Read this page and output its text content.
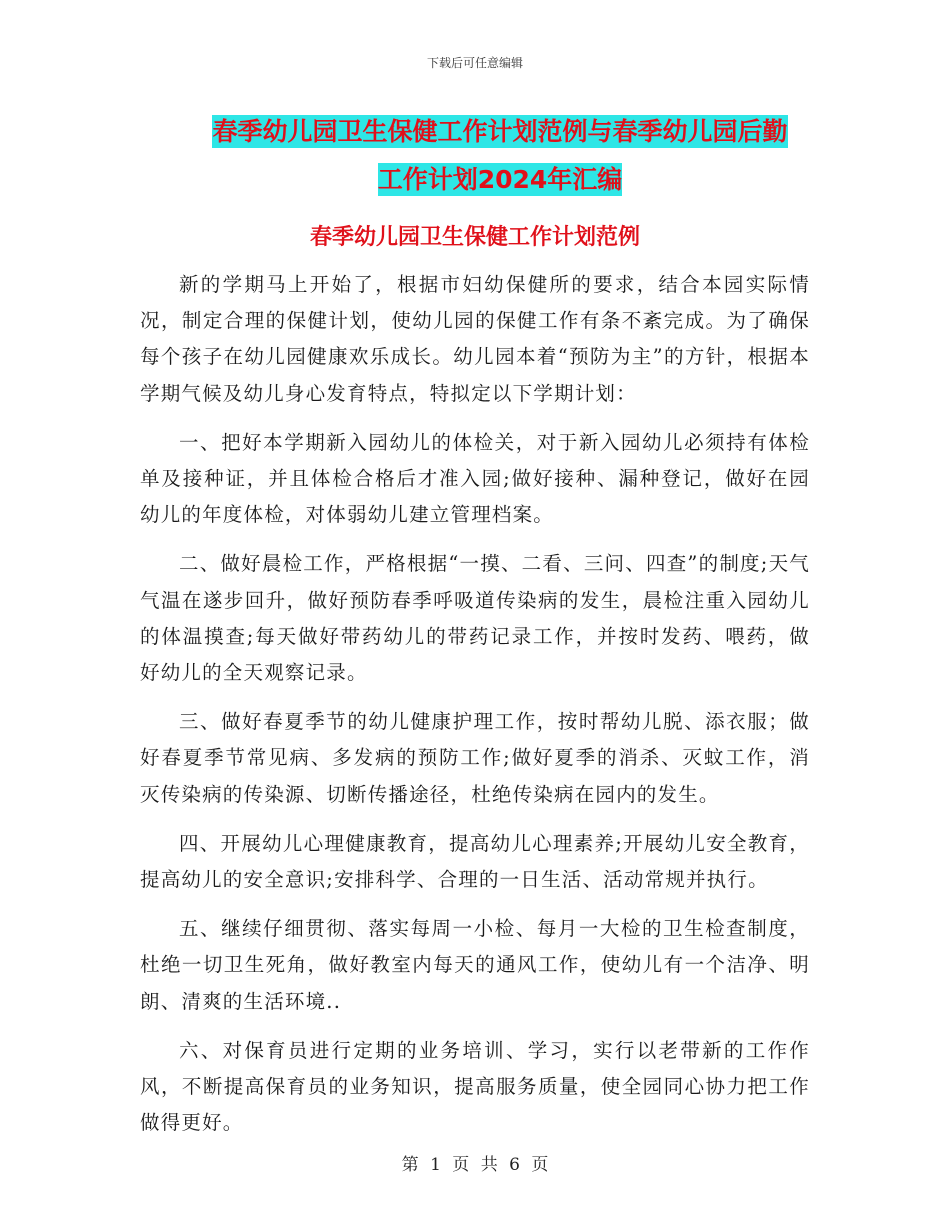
下载后可任意编辑
春季幼儿园卫生保健工作计划范例与春季幼儿园后勤
工作计划2024年汇编
春季幼儿园卫生保健工作计划范例

新的学期马上开始了，根据市妇幼保健所的要求，结合本园实际情况，制定合理的保健计划，使幼儿园的保健工作有条不紊完成。为了确保每个孩子在幼儿园健康欢乐成长。幼儿园本着“预防为主”的方针，根据本学期气候及幼儿身心发育特点，特拟定以下学期计划：

一、把好本学期新入园幼儿的体检关，对于新入园幼儿必须持有体检单及接种证，并且体检合格后才准入园;做好接种、漏种登记，做好在园幼儿的年度体检，对体弱幼儿建立管理档案。

二、做好晨检工作，严格根据“一摸、二看、三问、四查”的制度;天气气温在遂步回升，做好预防春季呼吸道传染病的发生，晨检注重入园幼儿的体温摸查;每天做好带药幼儿的带药记录工作，并按时发药、喂药，做好幼儿的全天观察记录。

三、做好春夏季节的幼儿健康护理工作，按时帮幼儿脱、添衣服；做好春夏季节常见病、多发病的预防工作;做好夏季的消杀、灭蚊工作，消灭传染病的传染源、切断传播途径，杜绝传染病在园内的发生。

四、开展幼儿心理健康教育，提高幼儿心理素养;开展幼儿安全教育，提高幼儿的安全意识;安排科学、合理的一日生活、活动常规并执行。

五、继续仔细贯彻、落实每周一小检、每月一大检的卫生检查制度，杜绝一切卫生死角，做好教室内每天的通风工作，使幼儿有一个洁净、明朗、清爽的生活环境..

六、对保育员进行定期的业务培训、学习，实行以老带新的工作作风，不断提高保育员的业务知识，提高服务质量，使全园同心协力把工作做得更好。

第 1 页 共 6 页
